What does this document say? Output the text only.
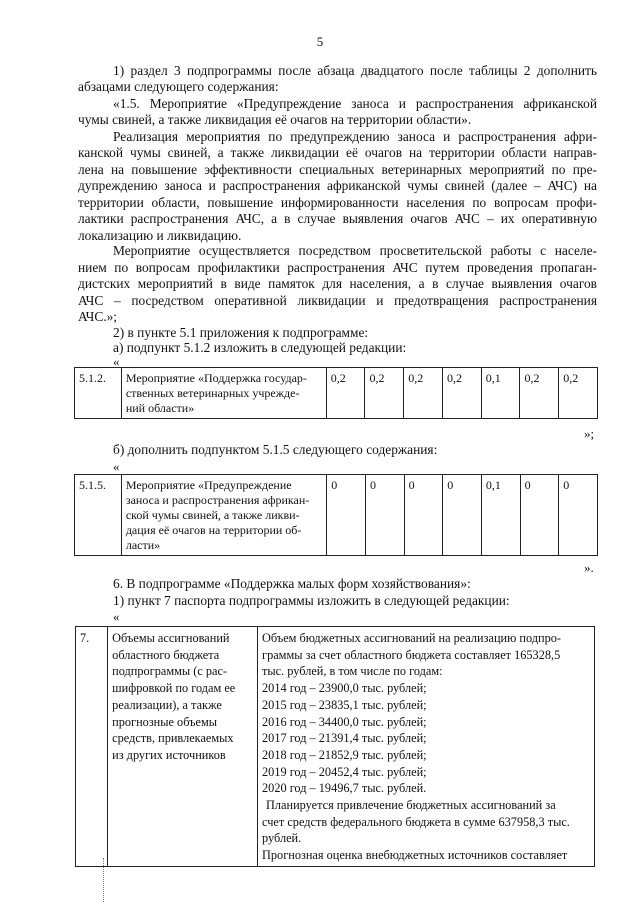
5
1) раздел 3 подпрограммы после абзаца двадцатого после таблицы 2 дополнить
абзацами следующего содержания:
«1.5. Мероприятие «Предупреждение заноса и распространения африканской
чумы свиней, а также ликвидация её очагов на территории области».
Реализация мероприятия по предупреждению заноса и распространения афри-
канской чумы свиней, а также ликвидации её очагов на территории области направ-
лена на повышение эффективности специальных ветеринарных мероприятий по пре-
дупреждению заноса и распространения африканской чумы свиней (далее – АЧС) на
территории области, повышение информированности населения по вопросам профи-
лактики распространения АЧС, а в случае выявления очагов АЧС – их оперативную
локализацию и ликвидацию.
Мероприятие осуществляется посредством просветительской работы с населе-
нием по вопросам профилактики распространения АЧС путем проведения пропаган-
дистских мероприятий в виде памяток для населения, а в случае выявления очагов
АЧС – посредством оперативной ликвидации и предотвращения распространения
АЧС.»;
2) в пункте 5.1 приложения к подпрограмме:
а) подпункт 5.1.2 изложить в следующей редакции:
«
5.1.2.	Мероприятие «Поддержка государ-
ственных ветеринарных учрежде-
ний области»
	0,2	0,2	0,2	0,2	0,1	0,2	0,2
»;
б) дополнить подпунктом 5.1.5 следующего содержания:
«
5.1.5.	Мероприятие «Предупреждение
заноса и распространения африкан-
ской чумы свиней, а также ликви-
дация её очагов на территории об-
ласти»
	0	0	0	0	0,1	0	0
».
6. В подпрограмме «Поддержка малых форм хозяйствования»:
1) пункт 7 паспорта подпрограммы изложить в следующей редакции:
«
7.	Объемы ассигнований
областного бюджета
подпрограммы (с рас-
шифровкой по годам ее
реализации), а также
прогнозные объемы
средств, привлекаемых
из других источников

Объем бюджетных ассигнований на реализацию подпро-
граммы за счет областного бюджета составляет 165328,5
тыс. рублей, в том числе по годам:
2014 год – 23900,0 тыс. рублей;
2015 год – 23835,1 тыс. рублей;
2016 год – 34400,0 тыс. рублей;
2017 год – 21391,4 тыс. рублей;
2018 год – 21852,9 тыс. рублей;
2019 год – 20452,4 тыс. рублей;
2020 год – 19496,7 тыс. рублей.
Планируется привлечение бюджетных ассигнований за
счет средств федерального бюджета в сумме 637958,3 тыс.
рублей.
Прогнозная оценка внебюджетных источников составляет
